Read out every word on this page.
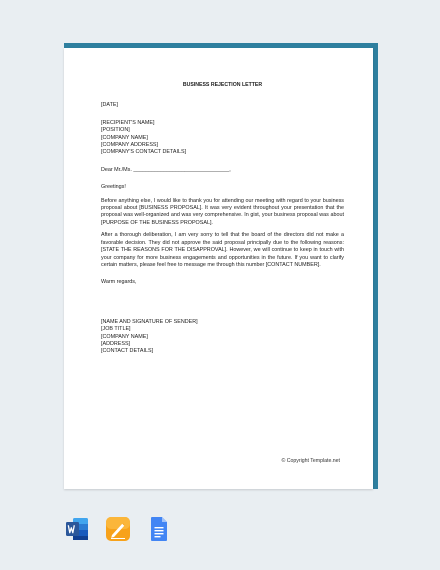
BUSINESS REJECTION LETTER
[DATE]
[RECIPIENT'S NAME]
[POSITION]
[COMPANY NAME]
[COMPANY ADDRESS]
[COMPANY'S CONTACT DETAILS]
Dear Mr./Ms. ________________________________,
Greetings!

Before anything else, I would like to thank you for attending our meeting with regard to your business proposal about [BUSINESS PROPOSAL]. It was very evident throughout your presentation that the proposal was well-organized and was very comprehensive. In gist, your business proposal was about [PURPOSE OF THE BUSINESS PROPOSAL].

After a thorough deliberation, I am very sorry to tell that the board of the directors did not make a favorable decision. They did not approve the said proposal principally due to the following reasons: [STATE THE REASONS FOR THE DISAPPROVAL]. However, we will continue to keep in touch with your company for more business engagements and opportunities in the future. If you want to clarify certain matters, please feel free to message me through this number [CONTACT NUMBER].

Warm regards,
[NAME AND SIGNATURE OF SENDER]
[JOB TITLE]
[COMPANY NAME]
[ADDRESS]
[CONTACT DETAILS]
© Copyright Template.net
